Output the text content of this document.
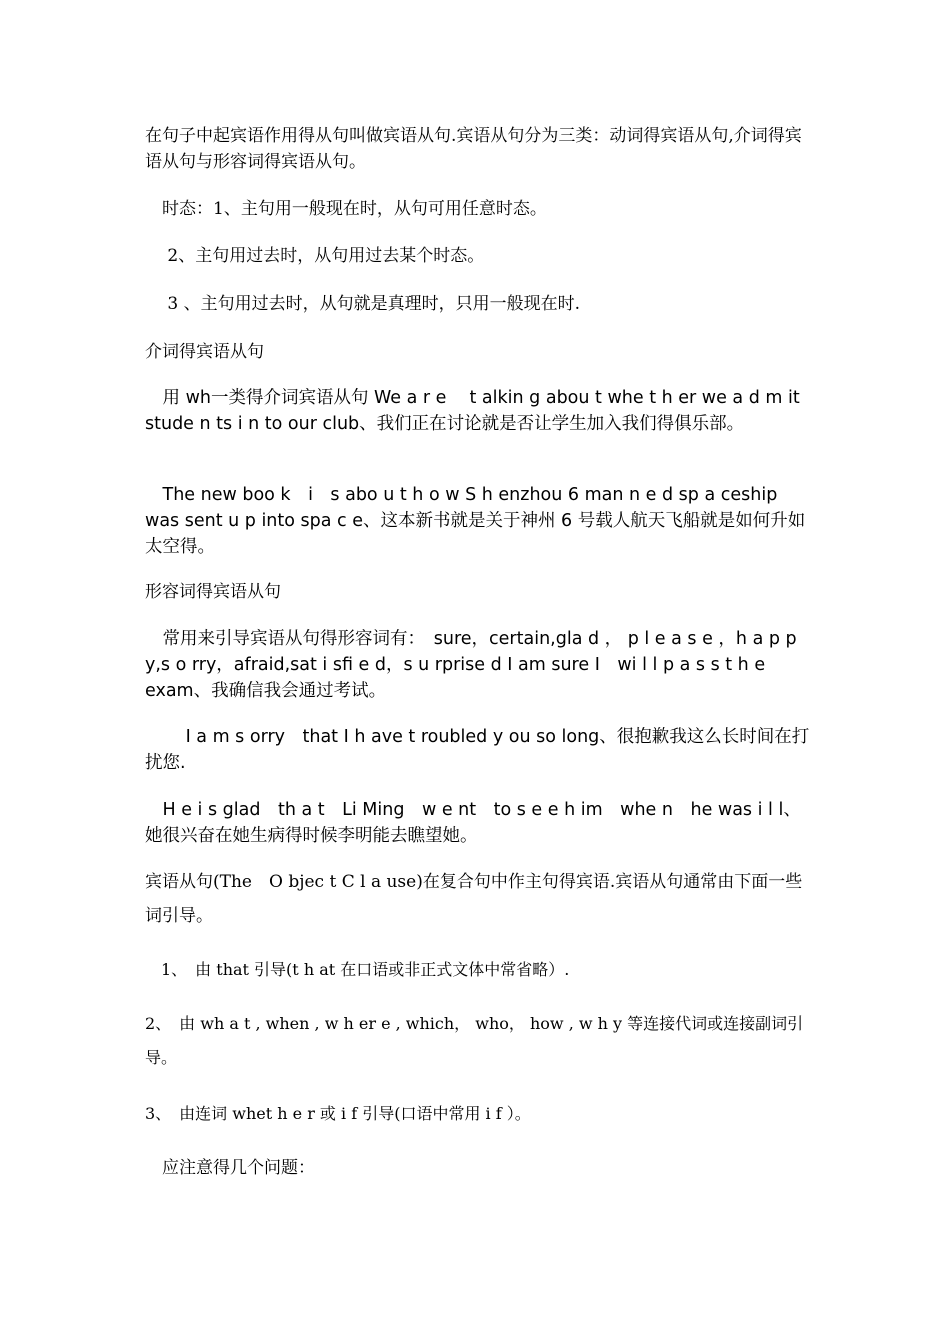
在句子中起宾语作用得从句叫做宾语从句.宾语从句分为三类：动词得宾语从句,介词得宾语从句与形容词得宾语从句。

　时态：1、主句用一般现在时，从句可用任意时态。

　 2、主句用过去时，从句用过去某个时态。

　 3 、主句用过去时，从句就是真理时，只用一般现在时.

介词得宾语从句

　用 wh一类得介词宾语从句 We a r e　 t alkin g abou t whe t h er we a d m it　stude n ts i n to our club、我们正在讨论就是否让学生加入我们得俱乐部。

　The new boo k　i　s abo u t h o w S h enzhou 6 man n e d sp a ceship was sent u p into spa c e、这本新书就是关于神州 6 号载人航天飞船就是如何升如太空得。

形容词得宾语从句

　常用来引导宾语从句得形容词有：　sure，certain,gla d ， p l e a s e ，h a p p y,s o rry，afraid,sat i sfi e d，s u rprise d I am sure I　wi l l p a s s t h e　exam、我确信我会通过考试。

　　 I a m s orry　that I h ave t roubled y ou so long、很抱歉我这么长时间在打扰您.

　H e i s glad　th a t　Li Ming　w e nt　to s e e h im　whe n　he was i l l、她很兴奋在她生病得时候李明能去瞧望她。

宾语从句(The　O bjec t C l a use)在复合句中作主句得宾语.宾语从句通常由下面一些词引导。

　1、　由 that 引导(t h at 在口语或非正式文体中常省略）.

2、　由 wh a t , when , w h er e , which， who， how , w h y 等连接代词或连接副词引导。

3、　由连词 whet h e r 或 i f 引导(口语中常用 i f ）。

　应注意得几个问题：
